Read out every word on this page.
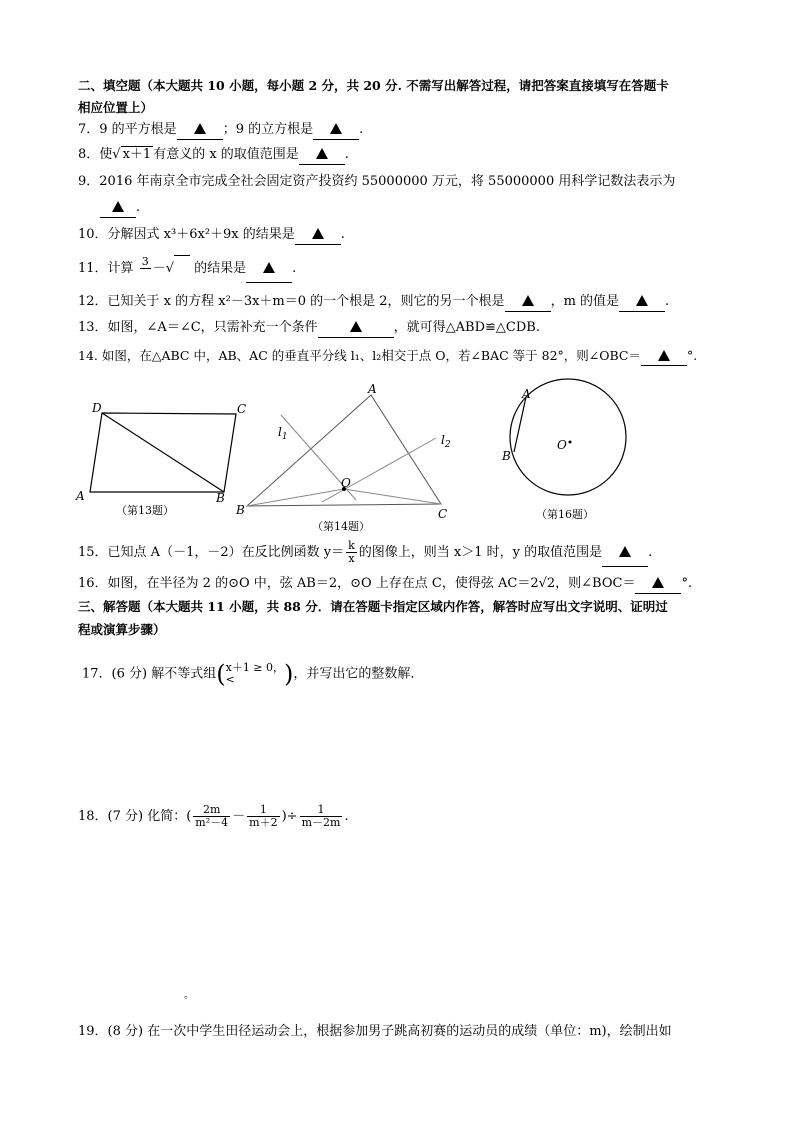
二、填空题（本大题共 10 小题，每小题 2 分，共 20 分. 不需写出解答过程，请把答案直接填写在答题卡
相应位置上）
7．9 的平方根是	；9 的立方根是	.
8．使√ x＋1 有意义的 x 的取值范围是	.
9．2016 年南京全市完成全社会固定资产投资约 55000000 万元，将 55000000 用科学记数法表示为
.
10．分解因式 x³＋6x²＋9x 的结果是	.
11．计算 3
－√ 的结果是	.
12．已知关于 x 的方程 x²－3x＋m＝0 的一个根是 2，则它的另一个根是	，m 的值是	.
13．如图，∠A＝∠C，只需补充一个条件	，就可得△ABD≌△CDB.
14. 如图，在△ABC 中，AB、AC 的垂直平分线 l₁、l₂相交于点 O，若∠BAC 等于 82°，则∠OBC＝	°.
D	C
A	B
A
B	C
O
$l_1$	$l_2$
A
B
O
（第13题）
（第14题）
（第16题）
15．已知点 A（－1，－2）在反比例函数 $y= \frac{k}{x}$ 的图像上，则当 x＞1 时，y 的取值范围是	.
16．如图，在半径为 2 的⊙O 中，弦 AB＝2，⊙O 上存在点 C，使得弦 AC＝2√2，则∠BOC＝	°.
三、解答题（本大题共 11 小题，共 88 分．请在答题卡指定区域内作答，解答时应写出文字说明、证明过
程或演算步骤）
17．(6 分) 解不等式组( x＋1 ≥ 0，
<	)，并写出它的整数解．
18．(7 分) 化简：( $\frac{2m}{\text{m²－4}} - \frac{1}{m+2}$ )÷ $\frac{1}{m-2m}$ .
。
19．(8 分) 在一次中学生田径运动会上，根据参加男子跳高初赛的运动员的成绩（单位：m)，绘制出如
